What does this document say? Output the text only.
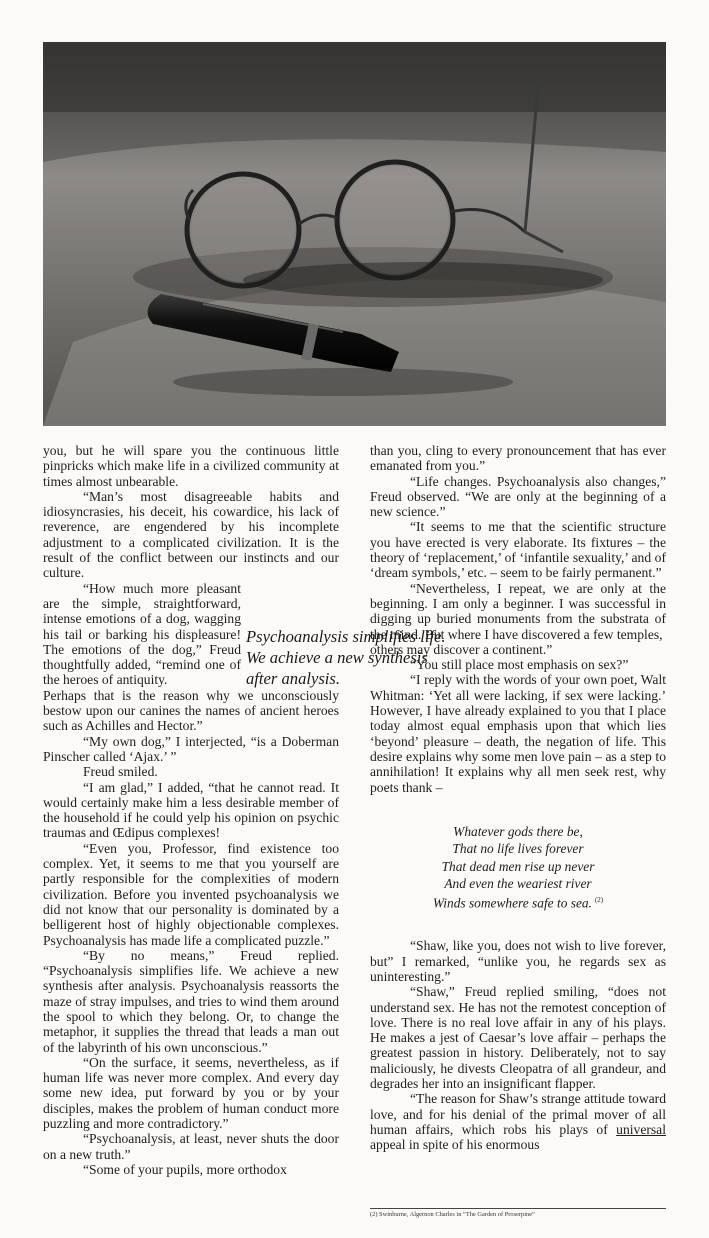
you, but he will spare you the continuous little pinpricks which make life in a civilized community at times almost unbearable.

“Man’s most disagreeable habits and idiosyncrasies, his deceit, his cowardice, his lack of reverence, are engendered by his incomplete adjustment to a complicated civilization. It is the result of the conflict between our instincts and our culture.

“How much more pleasant are the simple, straightforward, intense emotions of a dog, wagging his tail or barking his displeasure! The emotions of the dog,” Freud thoughtfully added, “remind one of the heroes of antiquity.

Perhaps that is the reason why we unconsciously bestow upon our canines the names of ancient heroes such as Achilles and Hector.”

“My own dog,” I interjected, “is a Doberman Pinscher called ‘Ajax.’ ”

Freud smiled.

“I am glad,” I added, “that he cannot read. It would certainly make him a less desirable member of the household if he could yelp his opinion on psychic traumas and Œdipus complexes!

“Even you, Professor, find existence too complex. Yet, it seems to me that you yourself are partly responsible for the complexities of modern civilization. Before you invented psychoanalysis we did not know that our personality is dominated by a belligerent host of highly objectionable complexes. Psychoanalysis has made life a complicated puzzle.”

“By no means,” Freud replied. “Psychoanalysis simplifies life. We achieve a new synthesis after analysis. Psychoanalysis reassorts the maze of stray impulses, and tries to wind them around the spool to which they belong. Or, to change the metaphor, it supplies the thread that leads a man out of the labyrinth of his own unconscious.”

“On the surface, it seems, nevertheless, as if human life was never more complex. And every day some new idea, put forward by you or by your disciples, makes the problem of human conduct more puzzling and more contradictory.”

“Psychoanalysis, at least, never shuts the door on a new truth.”

“Some of your pupils, more orthodox

Psychoanalysis simplifies life. We achieve a new synthesis after analysis.

than you, cling to every pronouncement that has ever emanated from you.”

“Life changes. Psychoanalysis also changes,” Freud observed. “We are only at the beginning of a new science.”

“It seems to me that the scientific structure you have erected is very elaborate. Its fixtures – the theory of ‘replacement,’ of ‘infantile sexuality,’ and of ‘dream symbols,’ etc. – seem to be fairly permanent.”

“Nevertheless, I repeat, we are only at the beginning. I am only a beginner. I was successful in digging up buried monuments from the substrata of the mind. But where I have discovered a few temples,

others may discover a continent.”

“You still place most emphasis on sex?”

“I reply with the words of your own poet, Walt Whitman: ‘Yet all were lacking, if sex were lacking.’ However, I have already explained to you that I place today almost equal emphasis upon that which lies ‘beyond’ pleasure – death, the negation of life. This desire explains why some men love pain – as a step to annihilation! It explains why all men seek rest, why poets thank –

Whatever gods there be,
That no life lives forever
That dead men rise up never
And even the weariest river
Winds somewhere safe to sea. $^{(2)}$

“Shaw, like you, does not wish to live forever, but” I remarked, “unlike you, he regards sex as uninteresting.”

“Shaw,” Freud replied smiling, “does not understand sex. He has not the remotest conception of love. There is no real love affair in any of his plays. He makes a jest of Caesar’s love affair – perhaps the greatest passion in history. Deliberately, not to say maliciously, he divests Cleopatra of all grandeur, and degrades her into an insignificant flapper.

“The reason for Shaw’s strange attitude toward love, and for his denial of the primal mover of all human affairs, which robs his plays of universal appeal in spite of his enormous

(2) Swinburne, Algernon Charles in “The Garden of Proserpine”
